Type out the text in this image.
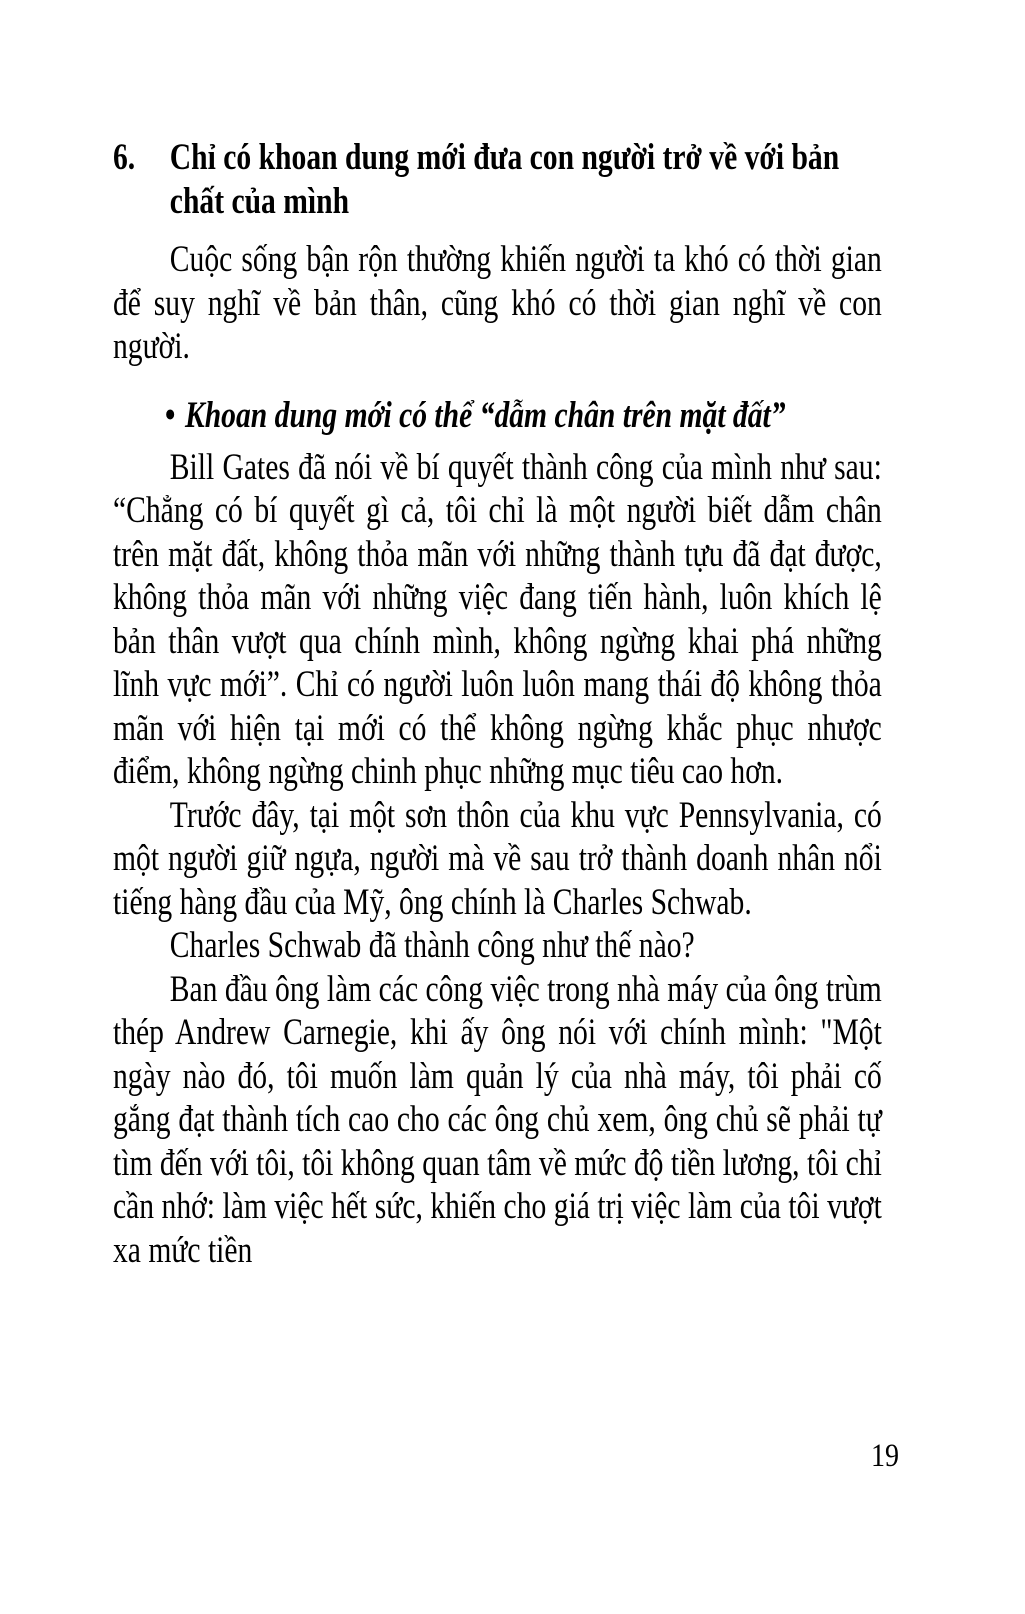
6. Chỉ có khoan dung mới đưa con người trở về với bản chất của mình

Cuộc sống bận rộn thường khiến người ta khó có thời gian để suy nghĩ về bản thân, cũng khó có thời gian nghĩ về con người.

• Khoan dung mới có thể “dẫm chân trên mặt đất”

Bill Gates đã nói về bí quyết thành công của mình như sau: “Chẳng có bí quyết gì cả, tôi chỉ là một người biết dẫm chân trên mặt đất, không thỏa mãn với những thành tựu đã đạt được, không thỏa mãn với những việc đang tiến hành, luôn khích lệ bản thân vượt qua chính mình, không ngừng khai phá những lĩnh vực mới”. Chỉ có người luôn luôn mang thái độ không thỏa mãn với hiện tại mới có thể không ngừng khắc phục nhược điểm, không ngừng chinh phục những mục tiêu cao hơn.

Trước đây, tại một sơn thôn của khu vực Pennsylvania, có một người giữ ngựa, người mà về sau trở thành doanh nhân nổi tiếng hàng đầu của Mỹ, ông chính là Charles Schwab.

Charles Schwab đã thành công như thế nào?

Ban đầu ông làm các công việc trong nhà máy của ông trùm thép Andrew Carnegie, khi ấy ông nói với chính mình: "Một ngày nào đó, tôi muốn làm quản lý của nhà máy, tôi phải cố gắng đạt thành tích cao cho các ông chủ xem, ông chủ sẽ phải tự tìm đến với tôi, tôi không quan tâm về mức độ tiền lương, tôi chỉ cần nhớ: làm việc hết sức, khiến cho giá trị việc làm của tôi vượt xa mức tiền

19
